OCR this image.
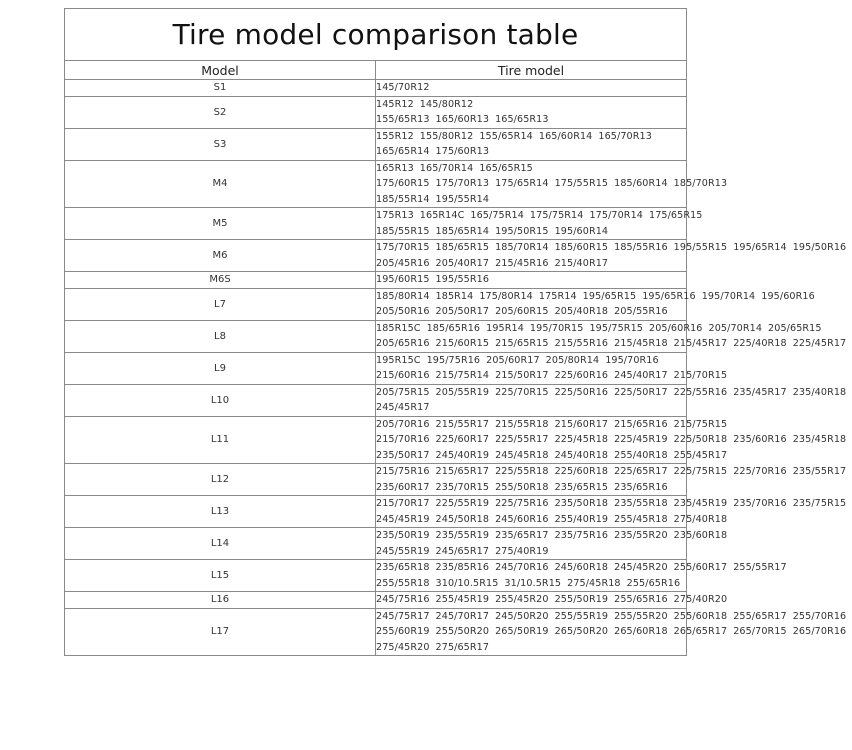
Tire model comparison table	
Model	Tire model
S1	145/70R12

S2	145R12 145/80R12
155/65R13 165/60R13 165/65R13

S3	155R12 155/80R12 155/65R14 165/60R14 165/70R13
165/65R14 175/60R13

M4	165R13 165/70R14 165/65R15
175/60R15 175/70R13 175/65R14 175/55R15 185/60R14 185/70R13
185/55R14 195/55R14

M5	175R13 165R14C 165/75R14 175/75R14 175/70R14 175/65R15
185/55R15 185/65R14 195/50R15 195/60R14

M6	175/70R15 185/65R15 185/70R14 185/60R15 185/55R16 195/55R15 195/65R14 195/50R16
205/45R16 205/40R17 215/45R16 215/40R17

M6S	195/60R15 195/55R16

L7	185/80R14 185R14 175/80R14 175R14 195/65R15 195/65R16 195/70R14 195/60R16
205/50R16 205/50R17 205/60R15 205/40R18 205/55R16

L8	185R15C 185/65R16 195R14 195/70R15 195/75R15 205/60R16 205/70R14 205/65R15
205/65R16 215/60R15 215/65R15 215/55R16 215/45R18 215/45R17 225/40R18 225/45R17

L9	195R15C 195/75R16 205/60R17 205/80R14 195/70R16
215/60R16 215/75R14 215/50R17 225/60R16 245/40R17 215/70R15

L10	205/75R15 205/55R19 225/70R15 225/50R16 225/50R17 225/55R16 235/45R17 235/40R18
245/45R17

L11	205/70R16 215/55R17 215/55R18 215/60R17 215/65R16 215/75R15
215/70R16 225/60R17 225/55R17 225/45R18 225/45R19 225/50R18 235/60R16 235/45R18
235/50R17 245/40R19 245/45R18 245/40R18 255/40R18 255/45R17

L12	215/75R16 215/65R17 225/55R18 225/60R18 225/65R17 225/75R15 225/70R16 235/55R17
235/60R17 235/70R15 255/50R18 235/65R15 235/65R16

L13	215/70R17 225/55R19 225/75R16 235/50R18 235/55R18 235/45R19 235/70R16 235/75R15
245/45R19 245/50R18 245/60R16 255/40R19 255/45R18 275/40R18

L14	235/50R19 235/55R19 235/65R17 235/75R16 235/55R20 235/60R18
245/55R19 245/65R17 275/40R19

L15	235/65R18 235/85R16 245/70R16 245/60R18 245/45R20 255/60R17 255/55R17
255/55R18 310/10.5R15 31/10.5R15 275/45R18 255/65R16

L16	245/75R16 255/45R19 255/45R20 255/50R19 255/65R16 275/40R20

L17	245/75R17 245/70R17 245/50R20 255/55R19 255/55R20 255/60R18 255/65R17 255/70R16
255/60R19 255/50R20 265/50R19 265/50R20 265/60R18 265/65R17 265/70R15 265/70R16
275/45R20 275/65R17
